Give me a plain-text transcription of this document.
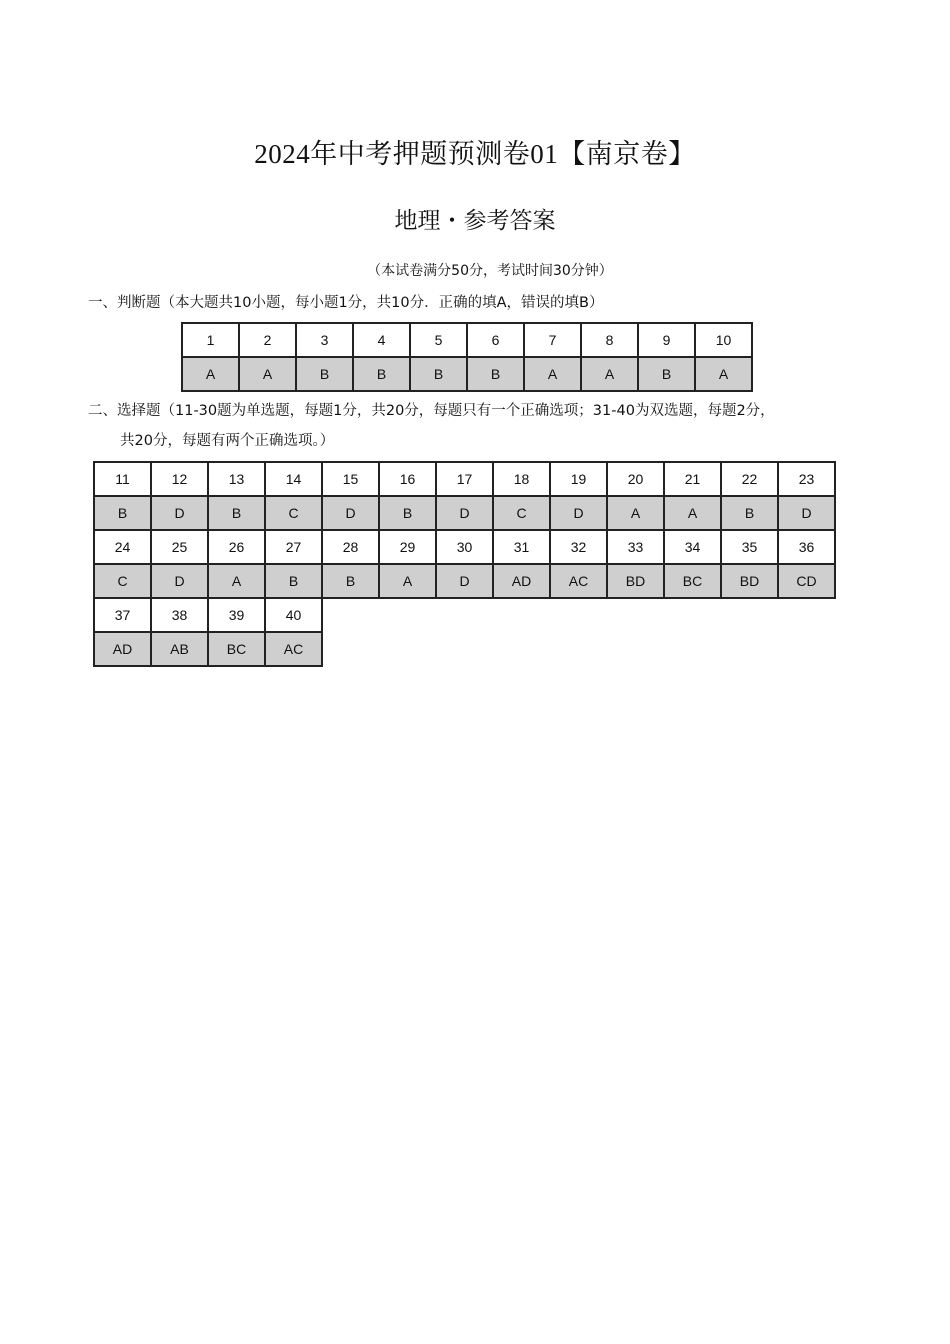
2024年中考押题预测卷01【南京卷】
地理・参考答案
（本试卷满分50分，考试时间30分钟）
一、判断题（本大题共10小题，每小题1分，共10分．正确的填A，错误的填B）
1	2	3	4	5	6	7	8	9	10
A	A	B	B	B	B	A	A	B	A
二、选择题（11-30题为单选题，每题1分，共20分，每题只有一个正确选项；31-40为双选题，每题2分，
共20分，每题有两个正确选项。）
11	12	13	14	15	16	17	18	19	20	21	22	23
B	D	B	C	D	B	D	C	D	A	A	B	D
24	25	26	27	28	29	30	31	32	33	34	35	36
C	D	A	B	B	A	D	AD	AC	BD	BC	BD	CD
37	38	39	40									
AD	AB	BC	AC									
